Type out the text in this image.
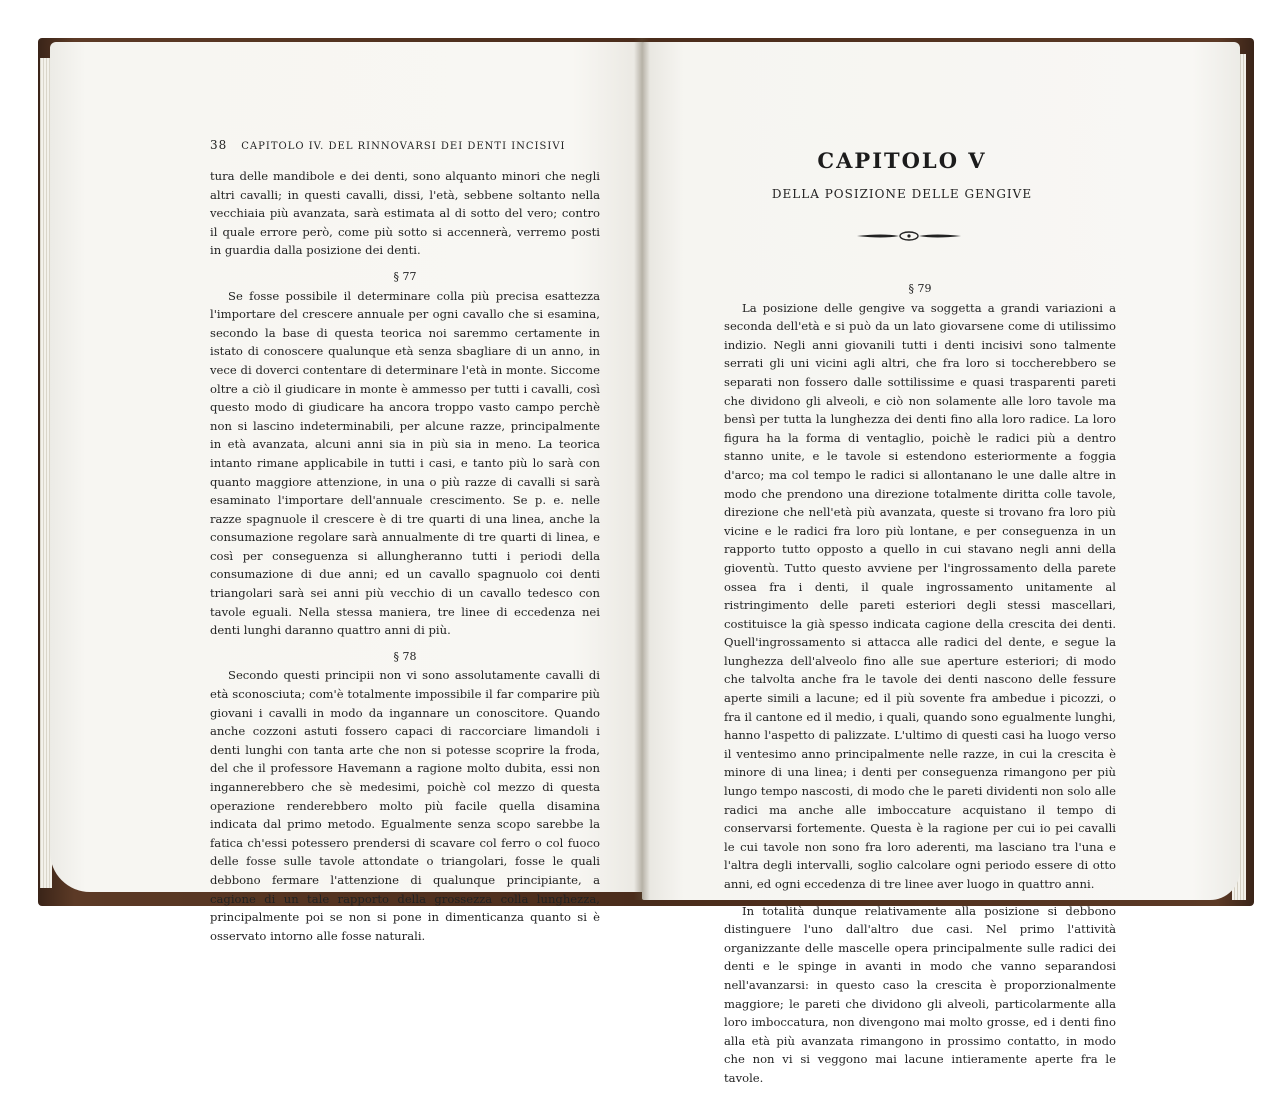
38 CAPITOLO IV. DEL RINNOVARSI DEI DENTI INCISIVI

tura delle mandibole e dei denti, sono alquanto minori che negli altri cavalli; in questi cavalli, dissi, l'età, sebbene soltanto nella vecchiaia più avanzata, sarà estimata al di sotto del vero; contro il quale errore però, come più sotto si accennerà, verremo posti in guardia dalla posizione dei denti.

§ 77

Se fosse possibile il determinare colla più precisa esattezza l'importare del crescere annuale per ogni cavallo che si esamina, secondo la base di questa teorica noi saremmo certamente in istato di conoscere qualunque età senza sbagliare di un anno, in vece di doverci contentare di determinare l'età in monte. Siccome oltre a ciò il giudicare in monte è ammesso per tutti i cavalli, così questo modo di giudicare ha ancora troppo vasto campo perchè non si lascino indeterminabili, per alcune razze, principalmente in età avanzata, alcuni anni sia in più sia in meno. La teorica intanto rimane applicabile in tutti i casi, e tanto più lo sarà con quanto maggiore attenzione, in una o più razze di cavalli si sarà esaminato l'importare dell'annuale crescimento. Se p. e. nelle razze spagnuole il crescere è di tre quarti di una linea, anche la consumazione regolare sarà annualmente di tre quarti di linea, e così per conseguenza si allungheranno tutti i periodi della consumazione di due anni; ed un cavallo spagnuolo coi denti triangolari sarà sei anni più vecchio di un cavallo tedesco con tavole eguali. Nella stessa maniera, tre linee di eccedenza nei denti lunghi daranno quattro anni di più.

§ 78

Secondo questi principii non vi sono assolutamente cavalli di età sconosciuta; com'è totalmente impossibile il far comparire più giovani i cavalli in modo da ingannare un conoscitore. Quando anche cozzoni astuti fossero capaci di raccorciare limandoli i denti lunghi con tanta arte che non si potesse scoprire la froda, del che il professore Havemann a ragione molto dubita, essi non ingannerebbero che sè medesimi, poichè col mezzo di questa operazione renderebbero molto più facile quella disamina indicata dal primo metodo. Egualmente senza scopo sarebbe la fatica ch'essi potessero prendersi di scavare col ferro o col fuoco delle fosse sulle tavole attondate o triangolari, fosse le quali debbono fermare l'attenzione di qualunque principiante, a cagione di un tale rapporto della grossezza colla lunghezza, principalmente poi se non si pone in dimenticanza quanto si è osservato intorno alle fosse naturali.

CAPITOLO V
DELLA POSIZIONE DELLE GENGIVE
§ 79

La posizione delle gengive va soggetta a grandi variazioni a seconda dell'età e si può da un lato giovarsene come di utilissimo indizio. Negli anni giovanili tutti i denti incisivi sono talmente serrati gli uni vicini agli altri, che fra loro si toccherebbero se separati non fossero dalle sottilissime e quasi trasparenti pareti che dividono gli alveoli, e ciò non solamente alle loro tavole ma bensì per tutta la lunghezza dei denti fino alla loro radice. La loro figura ha la forma di ventaglio, poichè le radici più a dentro stanno unite, e le tavole si estendono esteriormente a foggia d'arco; ma col tempo le radici si allontanano le une dalle altre in modo che prendono una direzione totalmente diritta colle tavole, direzione che nell'età più avanzata, queste si trovano fra loro più vicine e le radici fra loro più lontane, e per conseguenza in un rapporto tutto opposto a quello in cui stavano negli anni della gioventù. Tutto questo avviene per l'ingrossamento della parete ossea fra i denti, il quale ingrossamento unitamente al ristringimento delle pareti esteriori degli stessi mascellari, costituisce la già spesso indicata cagione della crescita dei denti. Quell'ingrossamento si attacca alle radici del dente, e segue la lunghezza dell'alveolo fino alle sue aperture esteriori; di modo che talvolta anche fra le tavole dei denti nascono delle fessure aperte simili a lacune; ed il più sovente fra ambedue i picozzi, o fra il cantone ed il medio, i quali, quando sono egualmente lunghi, hanno l'aspetto di palizzate. L'ultimo di questi casi ha luogo verso il ventesimo anno principalmente nelle razze, in cui la crescita è minore di una linea; i denti per conseguenza rimangono per più lungo tempo nascosti, di modo che le pareti dividenti non solo alle radici ma anche alle imboccature acquistano il tempo di conservarsi fortemente. Questa è la ragione per cui io pei cavalli le cui tavole non sono fra loro aderenti, ma lasciano tra l'una e l'altra degli intervalli, soglio calcolare ogni periodo essere di otto anni, ed ogni eccedenza di tre linee aver luogo in quattro anni.

In totalità dunque relativamente alla posizione si debbono distinguere l'uno dall'altro due casi. Nel primo l'attività organizzante delle mascelle opera principalmente sulle radici dei denti e le spinge in avanti in modo che vanno separandosi nell'avanzarsi: in questo caso la crescita è proporzionalmente maggiore; le pareti che dividono gli alveoli, particolarmente alla loro imboccatura, non divengono mai molto grosse, ed i denti fino alla età più avanzata rimangono in prossimo contatto, in modo che non vi si veggono mai lacune intieramente aperte fra le tavole.
